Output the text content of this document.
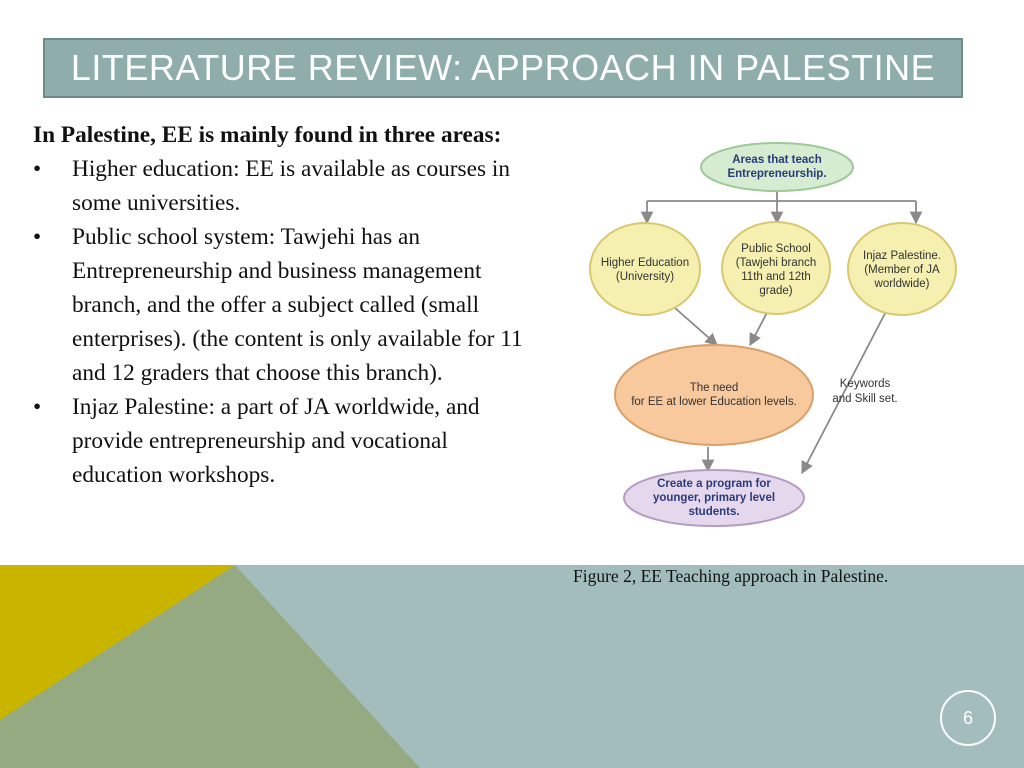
LITERATURE REVIEW: APPROACH IN PALESTINE
In Palestine, EE is mainly found in three areas:
• Higher education: EE is available as courses in some universities.
• Public school system: Tawjehi has an Entrepreneurship and business management branch, and the offer a subject called (small enterprises). (the content is only available for 11 and 12 graders that choose this branch).
• Injaz Palestine: a part of JA worldwide, and provide entrepreneurship and vocational education workshops.
Areas that teach
Entrepreneurship.
Higher Education
(University)
Public School
(Tawjehi branch
11th and 12th
grade)
Injaz Palestine.
(Member of JA
worldwide)
The need
for EE at lower Education levels.
Keywords
and Skill set.
Create a program for
younger, primary level
students.
Figure 2, EE Teaching approach in Palestine.
6
